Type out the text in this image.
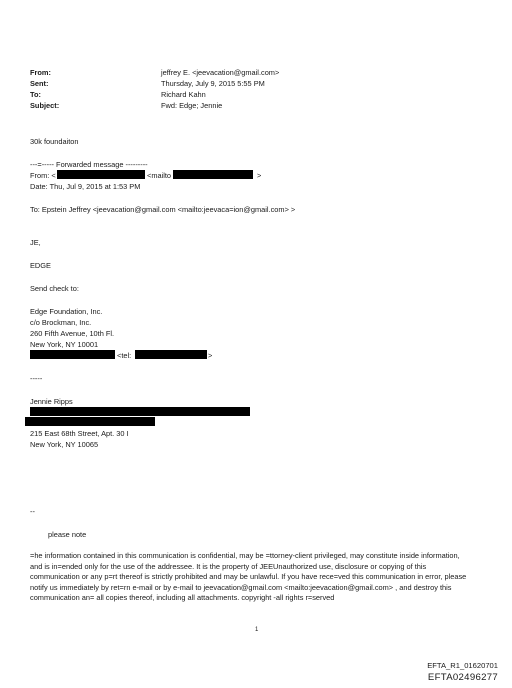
From:	jeffrey E. <jeevacation@gmail.com>
Sent:	Thursday, July 9, 2015 5:55 PM
To:	Richard Kahn
Subject:	Fwd: Edge; Jennie
30k foundaiton
---=----- Forwarded message ---------
From: <	<mailto	>
Date: Thu, Jul 9, 2015 at 1:53 PM
To: Epstein Jeffrey <jeevacation@gmail.com <mailto:jeevaca=ion@gmail.com> >
JE,
EDGE
Send check to:
Edge Foundation, Inc.
c/o Brockman, Inc.
260 Fifth Avenue, 10th Fl.
New York, NY 10001
<tel:	>
-----
Jennie Ripps
215 East 68th Street, Apt. 30 I
New York, NY 10065
--
please note
=he information contained in this communication is confidential, may be =ttorney-client privileged, may constitute inside information, and is in=ended only for the use of the addressee. It is the property of JEEUnauthorized use, disclosure or copying of this communication or any p=rt thereof is strictly prohibited and may be unlawful. If you have rece=ved this communication in error, please notify us immediately by ret=rn e-mail or by e-mail to jeevacation@gmail.com <mailto:jeevacation@gmail.com> , and destroy this communication an= all copies thereof, including all attachments. copyright -all rights r=served
1
EFTA_R1_01620701
EFTA02496277
